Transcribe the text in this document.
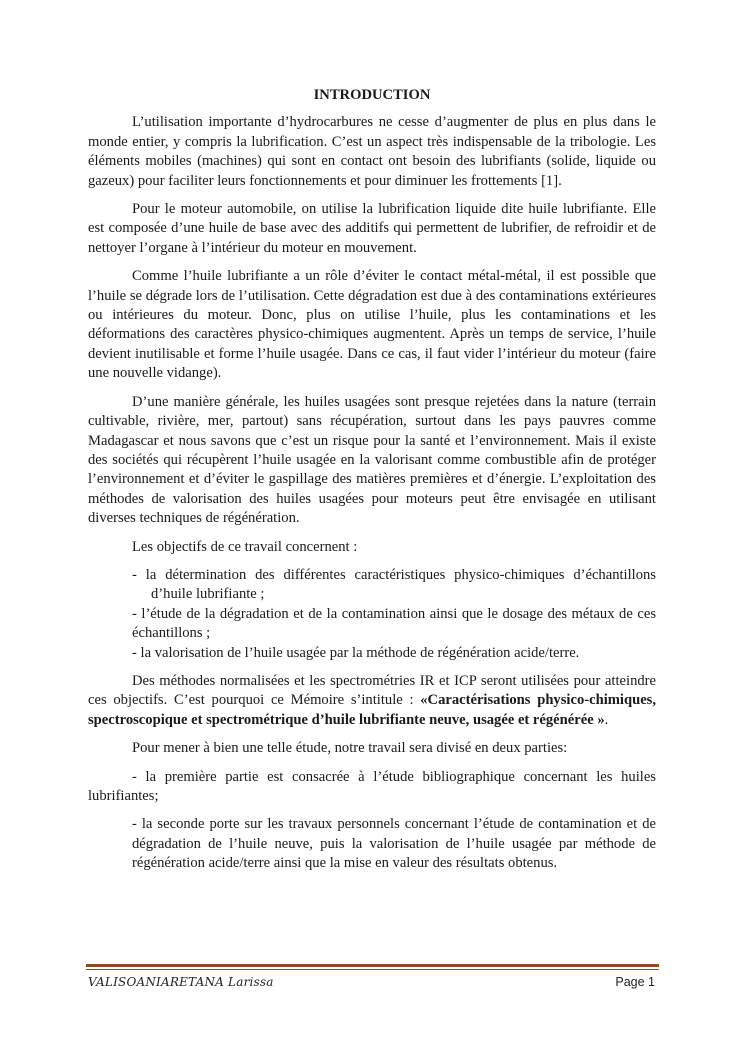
INTRODUCTION

L’utilisation importante d’hydrocarbures ne cesse d’augmenter de plus en plus dans le monde entier, y compris la lubrification. C’est un aspect très indispensable de la tribologie. Les éléments mobiles (machines) qui sont en contact ont besoin des lubrifiants (solide, liquide ou gazeux) pour faciliter leurs fonctionnements et pour diminuer les frottements [1].

Pour le moteur automobile, on utilise la lubrification liquide dite huile lubrifiante. Elle est composée d’une huile de base avec des additifs qui permettent de lubrifier, de refroidir et de nettoyer l’organe à l’intérieur du moteur en mouvement.

Comme l’huile lubrifiante a un rôle d’éviter le contact métal-métal, il est possible que l’huile se dégrade lors de l’utilisation. Cette dégradation est due à des contaminations extérieures ou intérieures du moteur. Donc, plus on utilise l’huile, plus les contaminations et les déformations des caractères physico-chimiques augmentent. Après un temps de service, l’huile devient inutilisable et forme l’huile usagée. Dans ce cas, il faut vider l’intérieur du moteur (faire une nouvelle vidange).

D’une manière générale, les huiles usagées sont presque rejetées dans la nature (terrain cultivable, rivière, mer, partout) sans récupération, surtout dans les pays pauvres comme Madagascar et nous savons que c’est un risque pour la santé et l’environnement. Mais il existe des sociétés qui récupèrent l’huile usagée en la valorisant comme combustible afin de protéger l’environnement et d’éviter le gaspillage des matières premières et d’énergie. L’exploitation des méthodes de valorisation des huiles usagées pour moteurs peut être envisagée en utilisant diverses techniques de régénération.

Les objectifs de ce travail concernent :

- la détermination des différentes caractéristiques physico-chimiques d’échantillons d’huile lubrifiante ;
- l’étude de la dégradation et de la contamination ainsi que le dosage des métaux de ces échantillons ;
- la valorisation de l’huile usagée par la méthode de régénération acide/terre.

Des méthodes normalisées et les spectrométries IR et ICP seront utilisées pour atteindre ces objectifs. C’est pourquoi ce Mémoire s’intitule : «Caractérisations physico-chimiques, spectroscopique et spectrométrique d’huile lubrifiante neuve, usagée et régénérée ».

Pour mener à bien une telle étude, notre travail sera divisé en deux parties:

- la première partie est consacrée à l’étude bibliographique concernant les huiles lubrifiantes;

- la seconde porte sur les travaux personnels concernant l’étude de contamination et de dégradation de l’huile neuve, puis la valorisation de l’huile usagée par méthode de régénération acide/terre ainsi que la mise en valeur des résultats obtenus.

VALISOANIARETANA Larissa	Page 1
